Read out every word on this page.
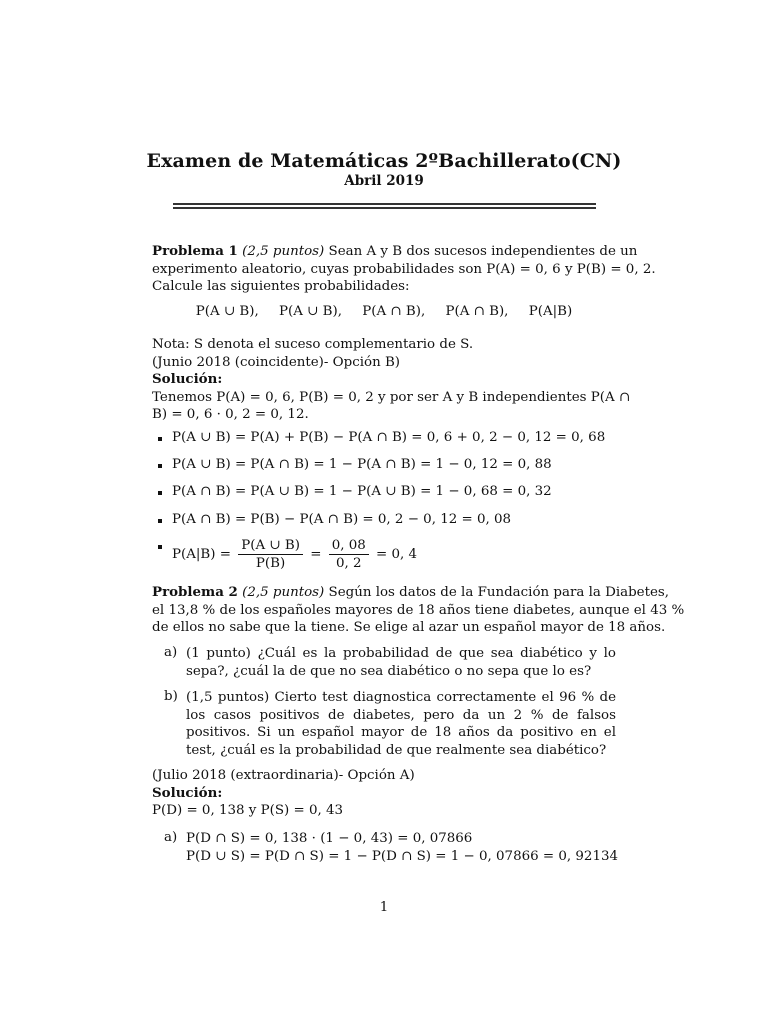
Examen de Matemáticas 2ºBachillerato(CN)
Abril 2019
Problema 1 (2,5 puntos) Sean A y B dos sucesos independientes de un
experimento aleatorio, cuyas probabilidades son P(A) = 0, 6 y P(B) = 0, 2.
Calcule las siguientes probabilidades:
P(A ∪ B), P(A ∪ B), P(A ∩ B), P(A ∩ B), P(A|B)
Nota: S denota el suceso complementario de S.
(Junio 2018 (coincidente)- Opción B)
Solución:
Tenemos P(A) = 0, 6, P(B) = 0, 2 y por ser A y B independientes P(A ∩
B) = 0, 6 · 0, 2 = 0, 12.
P(A ∪ B) = P(A) + P(B) − P(A ∩ B) = 0, 6 + 0, 2 − 0, 12 = 0, 68
P(A ∪ B) = P(A ∩ B) = 1 − P(A ∩ B) = 1 − 0, 12 = 0, 88
P(A ∩ B) = P(A ∪ B) = 1 − P(A ∪ B) = 1 − 0, 68 = 0, 32
P(A ∩ B) = P(B) − P(A ∩ B) = 0, 2 − 0, 12 = 0, 08
$P(A|B) = \frac{P(A \cup B)}{P(B)} = \frac{0, 08}{0, 2} = 0$, 4
Problema 2 (2,5 puntos) Según los datos de la Fundación para la Diabetes,
el 13,8 % de los españoles mayores de 18 años tiene diabetes, aunque el 43 %
de ellos no sabe que la tiene. Se elige al azar un español mayor de 18 años.
a) (1 punto) ¿Cuál es la probabilidad de que sea diabético y lo sepa?, ¿cuál la de que no sea diabético o no sepa que lo es?
b) (1,5 puntos) Cierto test diagnostica correctamente el 96 % de los casos positivos de diabetes, pero da un 2 % de falsos positivos. Si un español mayor de 18 años da positivo en el test, ¿cuál es la probabilidad de que realmente sea diabético?
(Julio 2018 (extraordinaria)- Opción A)
Solución:
P(D) = 0, 138 y P(S) = 0, 43
a) P(D ∩ S) = 0, 138 · (1 − 0, 43) = 0, 07866
P(D ∪ S) = P(D ∩ S) = 1 − P(D ∩ S) = 1 − 0, 07866 = 0, 92134
1
